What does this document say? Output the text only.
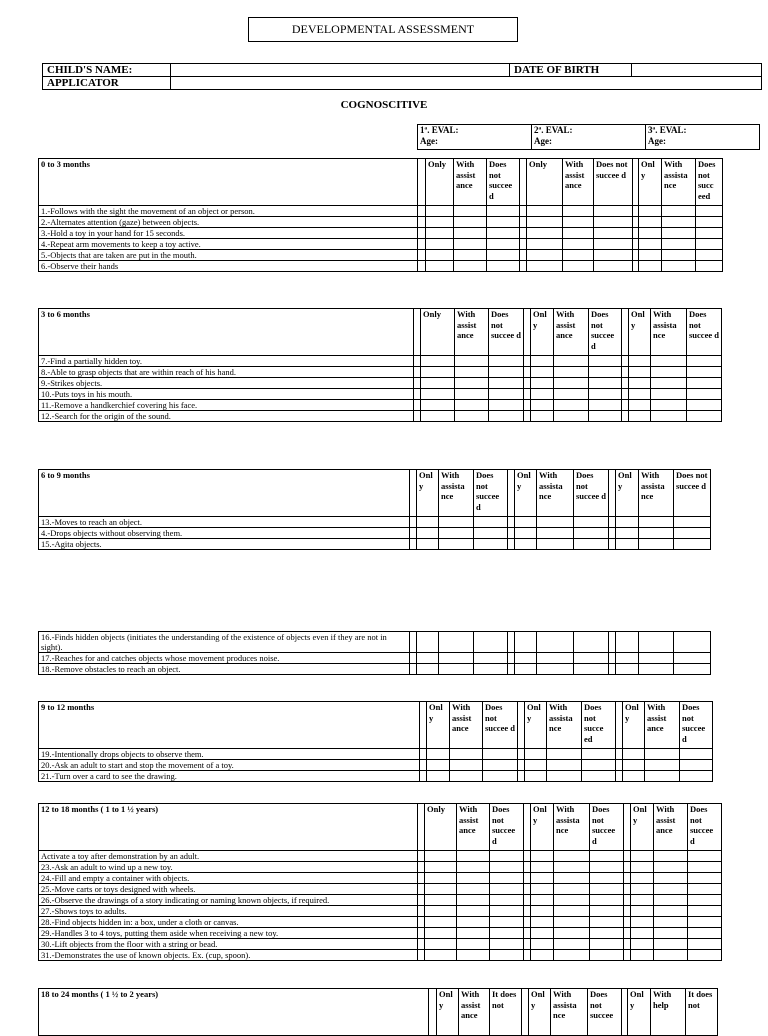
DEVELOPMENTAL ASSESSMENT
CHILD'S NAME:		DATE OF BIRTH	
APPLICATOR			
COGNOSCITIVE
1ª. EVAL:
Age:
2ª. EVAL:
Age:
3ª. EVAL:
Age:
0 to 3 months		Only	With assist ance	Does not succee d		Only	With assist ance	Does not succee d		Onl y	With assista nce	Does not succ eed
1.-Follows with the sight the movement of an object or person.												
2.-Alternates attention (gaze) between objects.												
3.-Hold a toy in your hand for 15 seconds.												
4.-Repeat arm movements to keep a toy active.												
5.-Objects that are taken are put in the mouth.												
6.-Observe their hands												
3 to 6 months		Only	With assist ance	Does not succee d		Onl y	With assist ance	Does not succee d		Onl y	With assista nce	Does not succee d
7.-Find a partially hidden toy.												
8.-Able to grasp objects that are within reach of his hand.												
9.-Strikes objects.												
10.-Puts toys in his mouth.												
11.-Remove a handkerchief covering his face.												
12.-Search for the origin of the sound.												
6 to 9 months		Onl y	With assista nce	Does not succee d		Onl y	With assista nce	Does not succee d		Onl y	With assista nce	Does not succee d
13.-Moves to reach an object.												
4.-Drops objects without observing them.												
15.-Agita objects.												
16.-Finds hidden objects (initiates the understanding of the existence of objects even if they are not in sight).												
17.-Reaches for and catches objects whose movement produces noise.												
18.-Remove obstacles to reach an object.												
9 to 12 months		Onl y	With assist ance	Does not succee d		Onl y	With assista nce	Does not succe ed		Onl y	With assist ance	Does not succee d
19.-Intentionally drops objects to observe them.												
20.-Ask an adult to start and stop the movement of a toy.												
21.-Turn over a card to see the drawing.												
12 to 18 months ( 1 to 1 ½ years)		Only	With assist ance	Does not succee d		Onl y	With assista nce	Does not succee d		Onl y	With assist ance	Does not succee d
Activate a toy after demonstration by an adult.												
23.-Ask an adult to wind up a new toy.												
24.-Fill and empty a container with objects.												
25.-Move carts or toys designed with wheels.												
26.-Observe the drawings of a story indicating or naming known objects, if required.												
27.-Shows toys to adults.												
28.-Find objects hidden in: a box, under a cloth or canvas.												
29.-Handles 3 to 4 toys, putting them aside when receiving a new toy.												
30.-Lift objects from the floor with a string or bead.												
31.-Demonstrates the use of known objects. Ex. (cup, spoon).												
18 to 24 months ( 1 ½ to 2 years)		Onl y	With assist ance	It does not		Onl y	With assista nce	Does not succee		Onl y	With help	It does not
